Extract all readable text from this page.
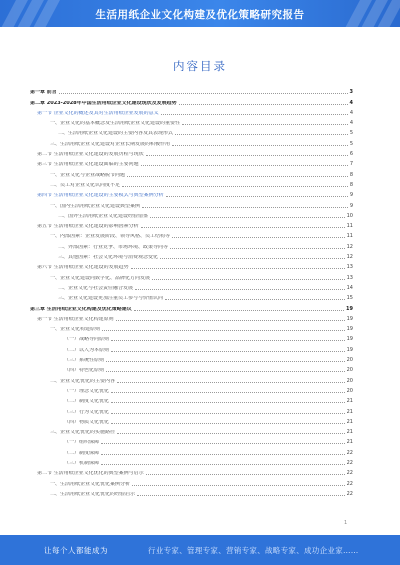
生活用纸企业文化构建及优化策略研究报告
内容目录
第一章 前言	3
第二章 2023-2028年中国生活用纸企业文化建设现状及发展趋势	4
第一节 企业文化的概述及其对生活用纸企业发展的意义	4
一、企业文化的基本概念及生活用纸企业文化建设的重要性	4
二、生活用纸企业文化建设的主要内容及其表现形式	5
三、生活用纸企业文化建设对企业长期发展的积极作用	5
第二节 生活用纸企业文化建设的发展历程与现状	6
第三节 生活用纸企业文化建设面临的主要问题	7
一、企业文化与企业战略脱节问题	8
二、员工对企业文化认同度不足	8
第四节 生活用纸企业文化建设的主要模式与典型案例分析	9
一、国内生活用纸企业文化建设典型案例	9
二、国外生活用纸企业文化建设经验借鉴	10
第五节 生活用纸企业文化建设的影响因素分析	11
一、内部因素：企业发展阶段、领导风格、员工结构等	11
二、外部因素：行业竞争、市场环境、政策导向等	12
三、其他因素：社会文化环境与消费观念变化	12
第六节 生活用纸企业文化建设的发展趋势	13
一、企业文化建设向数字化、品牌化方向发展	13
二、企业文化与社会责任融合发展	14
三、企业文化建设更加注重员工参与与价值认同	15
第三章 生活用纸企业文化构建及优化策略建议	19
第一节 生活用纸企业文化构建原则	19
一、企业文化构建原则	19
（一）战略导向原则	19
（二）以人为本原则	19
（三）系统性原则	20
（四）特色化原则	20
二、企业文化优化的主要内容	20
（一）理念文化优化	20
（二）制度文化优化	21
（三）行为文化优化	21
（四）物质文化优化	21
三、企业文化优化的实施路径	21
（一）组织保障	21
（二）制度保障	22
（三）机制保障	22
第二节 生活用纸企业文化优化的典型案例与启示	22
一、生活用纸企业文化优化案例分析	22
二、生活用纸企业文化优化的经验启示	22
1
让每个人都能成为	行业专家、管理专家、营销专家、战略专家、成功企业家……
